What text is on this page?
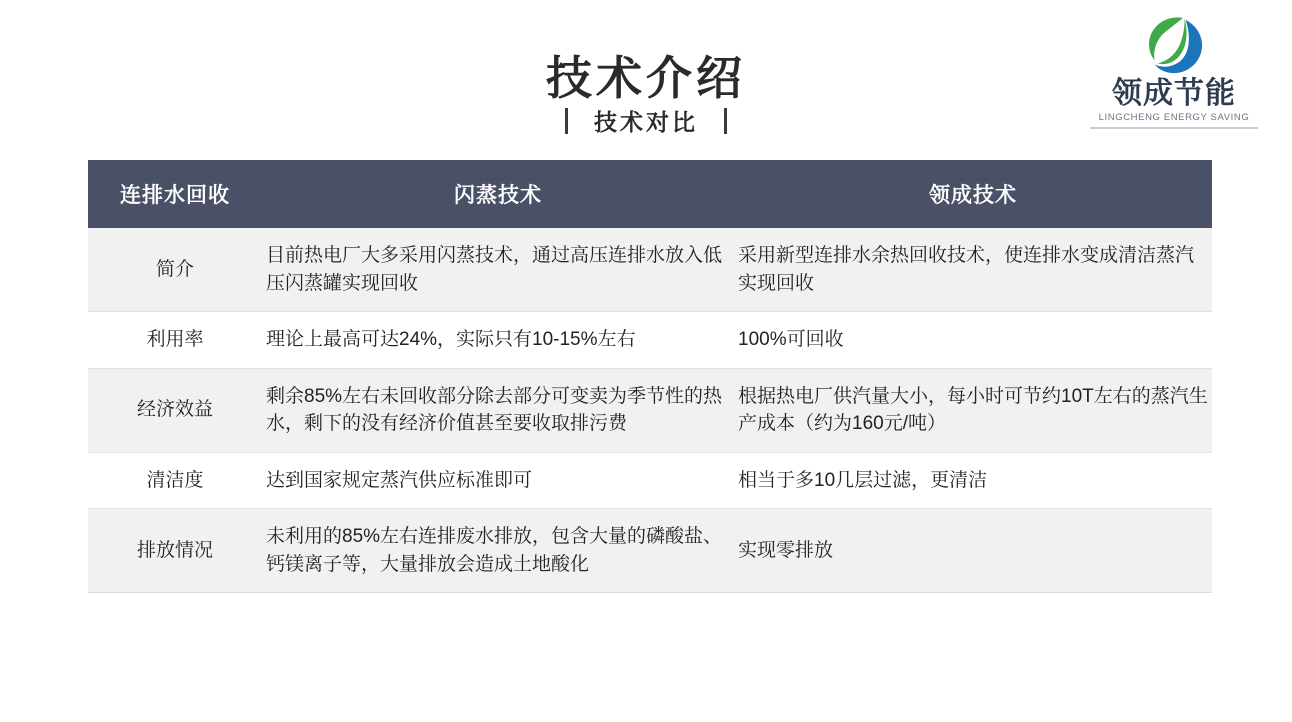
领成节能
LINGCHENG ENERGY SAVING
技术介绍
技术对比
连排水回收	闪蒸技术	领成技术
简介	目前热电厂大多采用闪蒸技术，通过高压连排水放入低压闪蒸罐实现回收	采用新型连排水余热回收技术，使连排水变成清洁蒸汽实现回收
利用率	理论上最高可达24%，实际只有10-15%左右	100%可回收
经济效益	剩余85%左右未回收部分除去部分可变卖为季节性的热水，剩下的没有经济价值甚至要收取排污费	根据热电厂供汽量大小，每小时可节约10T左右的蒸汽生产成本（约为160元/吨）
清洁度	达到国家规定蒸汽供应标准即可	相当于多10几层过滤，更清洁
排放情况	未利用的85%左右连排废水排放，包含大量的磷酸盐、钙镁离子等，大量排放会造成土地酸化	实现零排放
